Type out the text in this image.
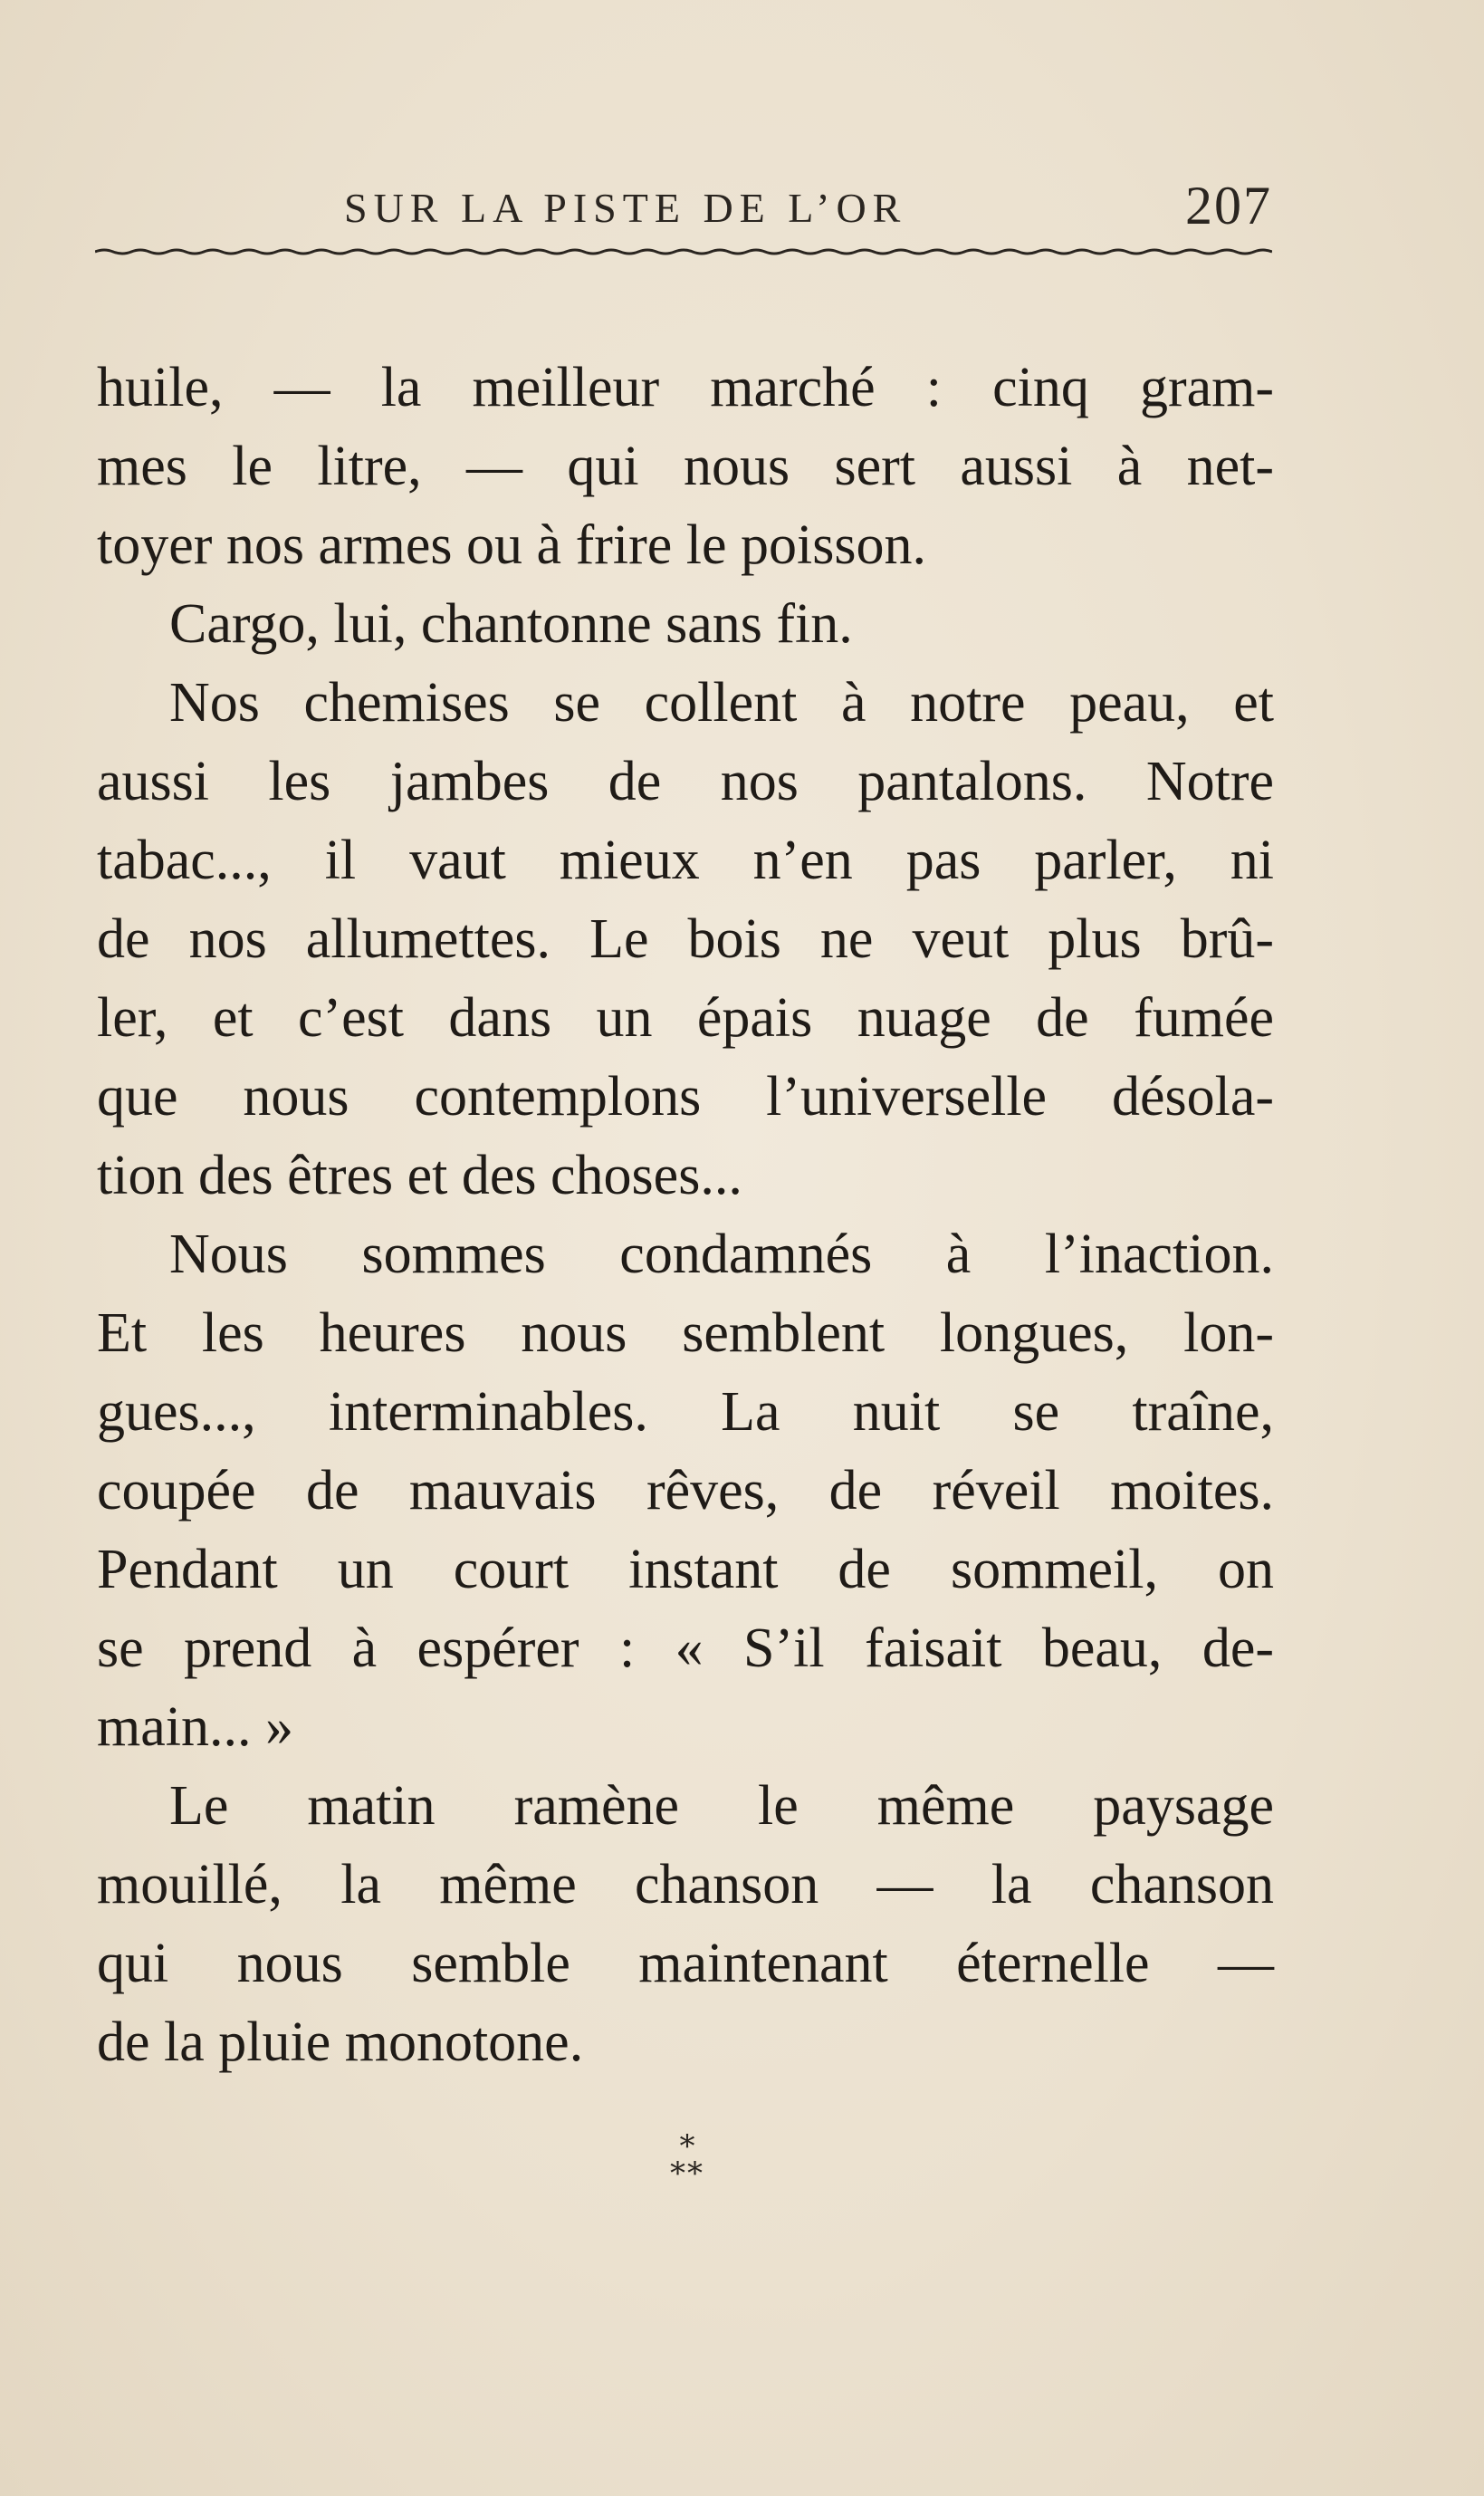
SUR LA PISTE DE L’OR	207
huile, — la meilleur marché : cinq gram-
mes le litre, — qui nous sert aussi à net-
toyer nos armes ou à frire le poisson.
Cargo, lui, chantonne sans fin.
Nos chemises se collent à notre peau, et
aussi les jambes de nos pantalons. Notre
tabac..., il vaut mieux n’en pas parler, ni
de nos allumettes. Le bois ne veut plus brû-
ler, et c’est dans un épais nuage de fumée
que nous contemplons l’universelle désola-
tion des êtres et des choses...
Nous sommes condamnés à l’inaction.
Et les heures nous semblent longues, lon-
gues..., interminables. La nuit se traîne,
coupée de mauvais rêves, de réveil moites.
Pendant un court instant de sommeil, on
se prend à espérer : « S’il faisait beau, de-
main... »
Le matin ramène le même paysage
mouillé, la même chanson — la chanson
qui nous semble maintenant éternelle —
de la pluie monotone.
*
**
